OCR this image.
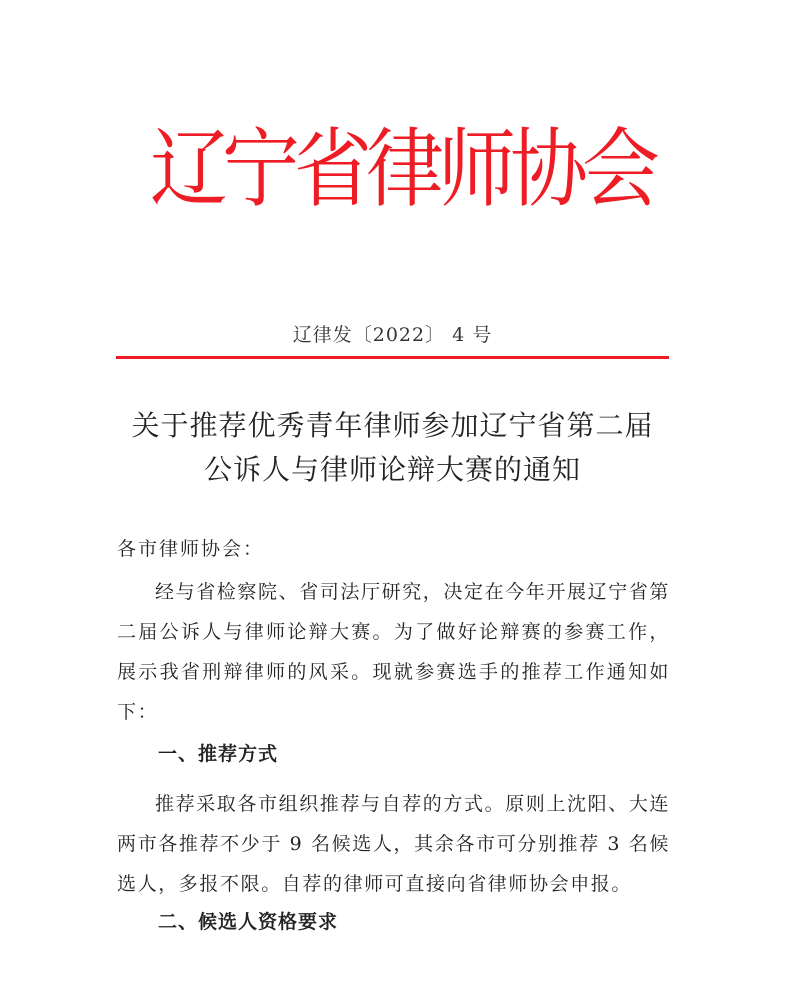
辽宁省律师协会
辽律发〔2022〕 4 号
关于推荐优秀青年律师参加辽宁省第二届
公诉人与律师论辩大赛的通知
各市律师协会：
经与省检察院、省司法厅研究，决定在今年开展辽宁省第二届公诉人与律师论辩大赛。为了做好论辩赛的参赛工作，展示我省刑辩律师的风采。现就参赛选手的推荐工作通知如下：
一、推荐方式
推荐采取各市组织推荐与自荐的方式。原则上沈阳、大连两市各推荐不少于 9 名候选人，其余各市可分别推荐 3 名候选人，多报不限。自荐的律师可直接向省律师协会申报。
二、候选人资格要求
